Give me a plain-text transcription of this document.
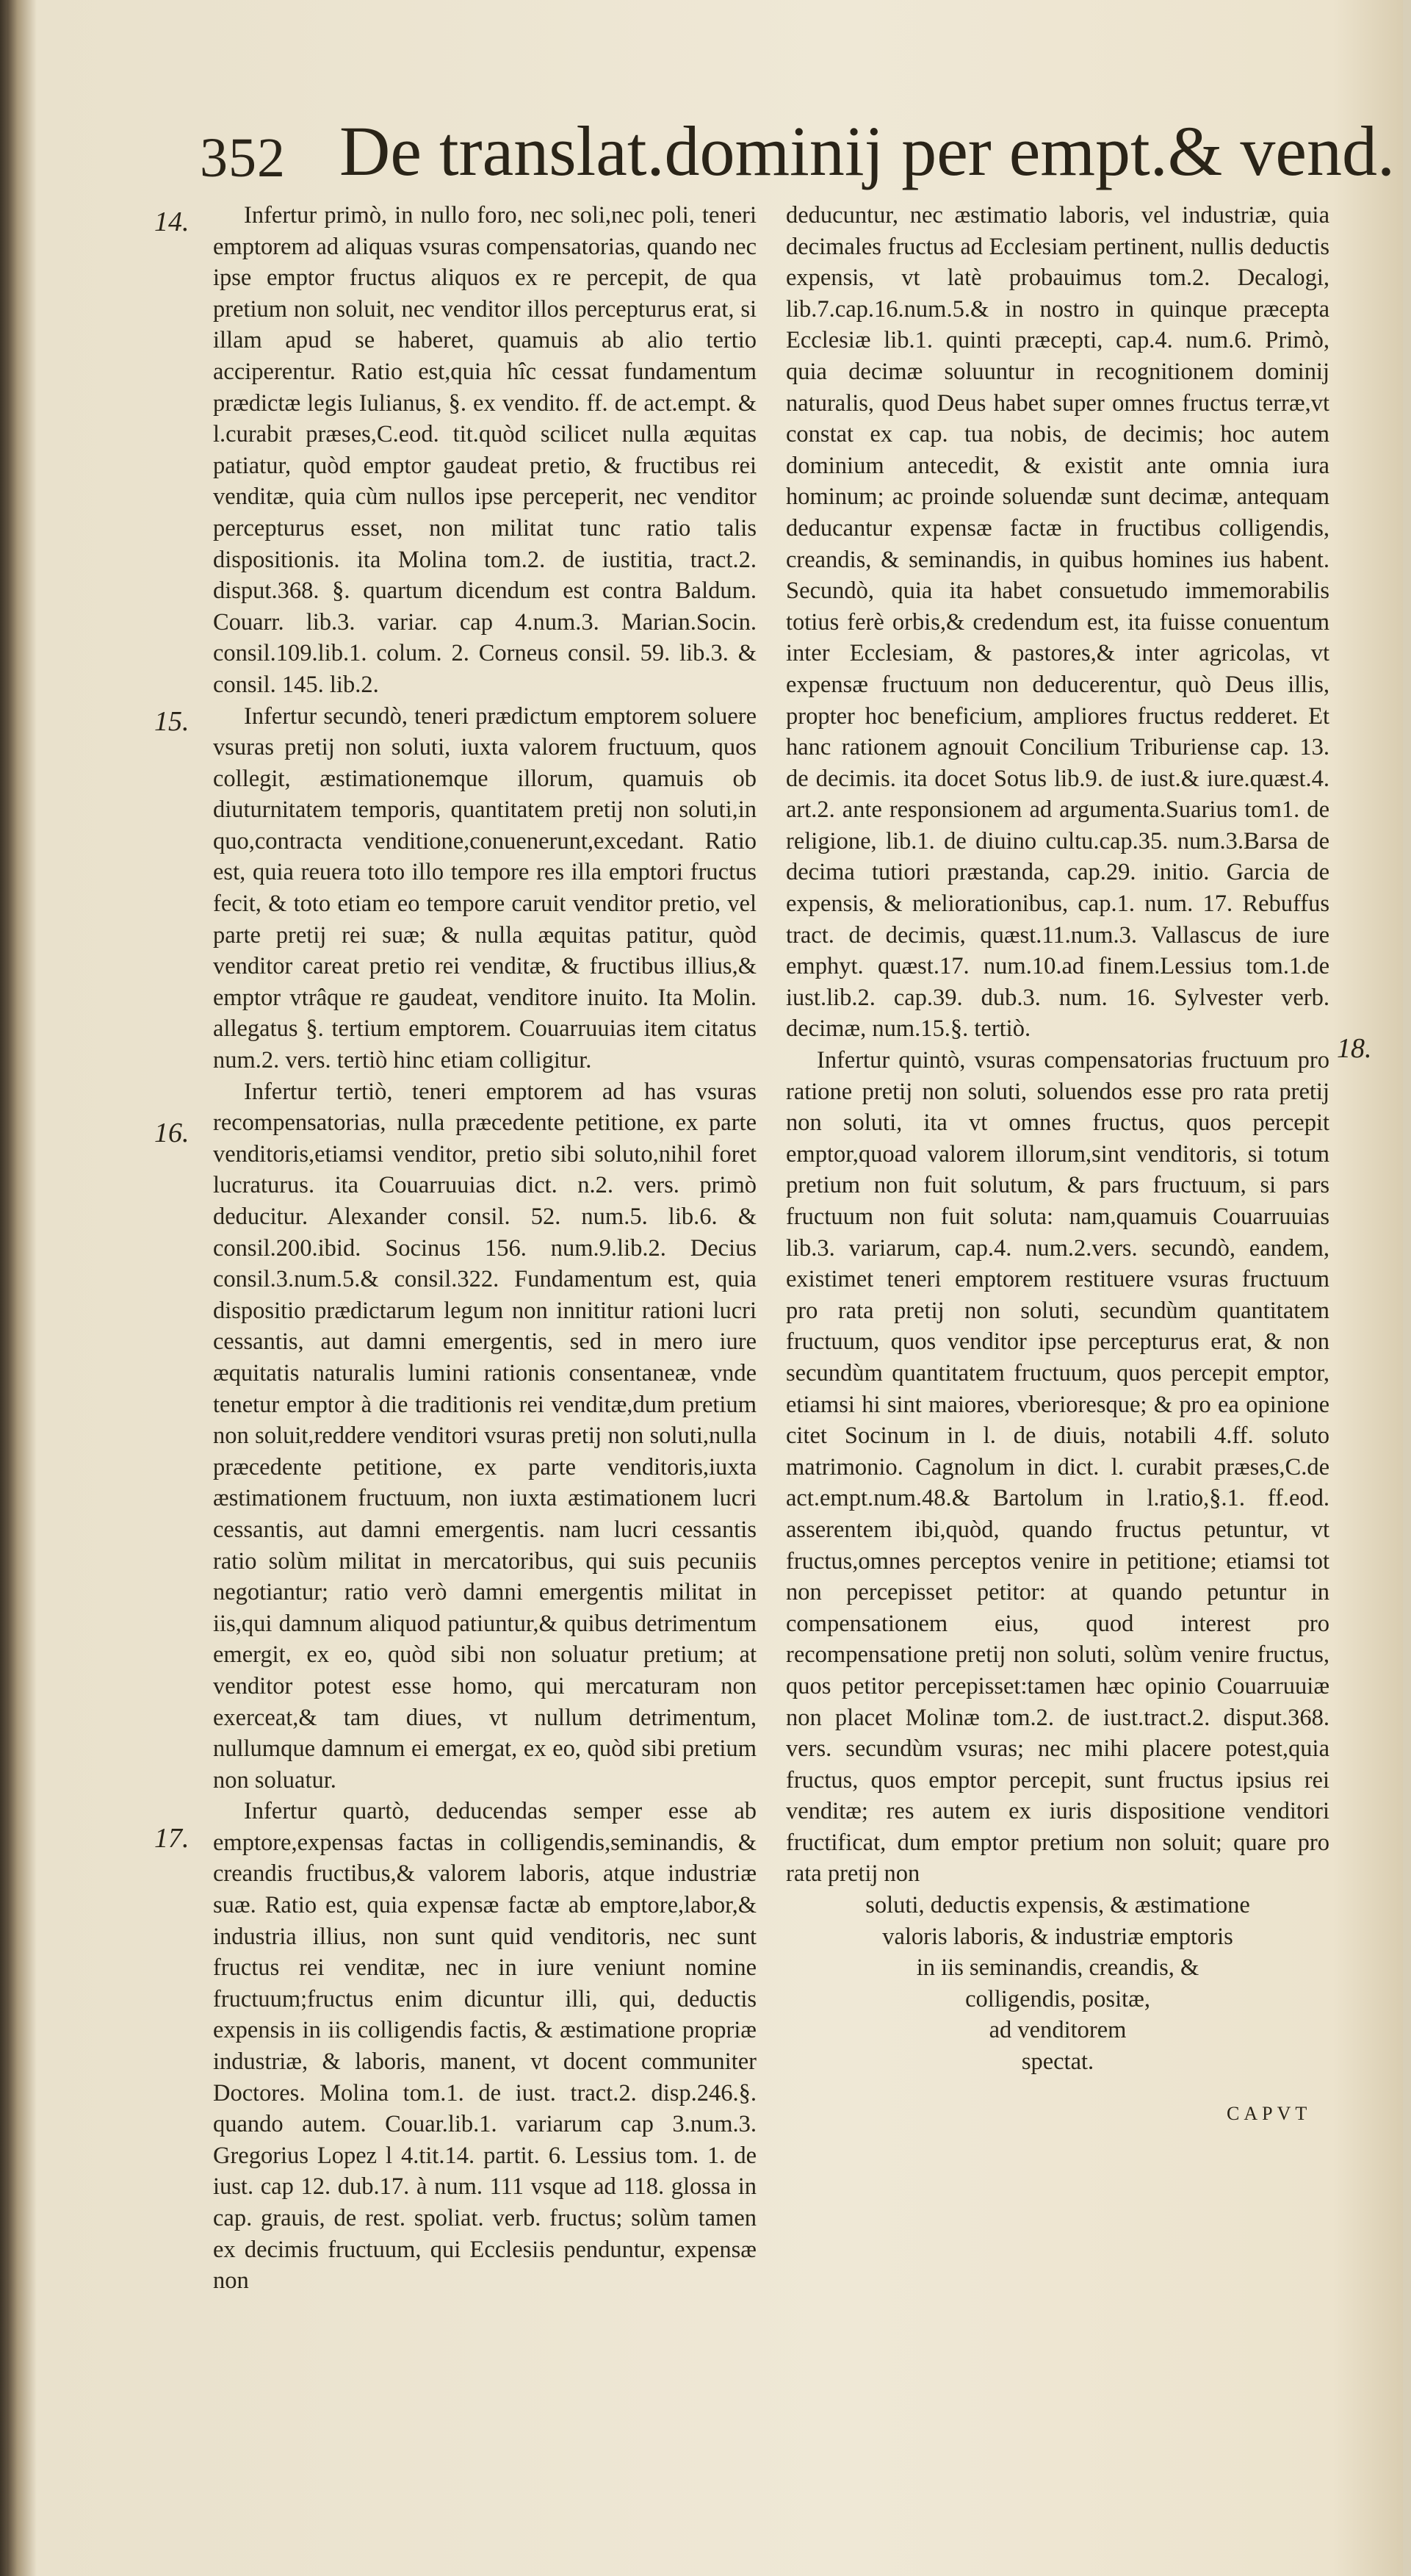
352 De translat.dominij per empt.& vend.
14.
15.
16.
17.
18.

Infertur primò, in nullo foro, nec soli,nec poli, teneri emptorem ad aliquas vsuras compensatorias, quando nec ipse emptor fructus aliquos ex re percepit, de qua pretium non soluit, nec venditor illos percepturus erat, si illam apud se haberet, quamuis ab alio tertio acciperentur. Ratio est,quia hîc cessat fundamentum prædictæ legis Iulianus, §. ex vendito. ff. de act.empt. & l.curabit præses,C.eod. tit.quòd scilicet nulla æquitas patiatur, quòd emptor gaudeat pretio, & fructibus rei venditæ, quia cùm nullos ipse perceperit, nec venditor percepturus esset, non militat tunc ratio talis dispositionis. ita Molina tom.2. de iustitia, tract.2. disput.368. §. quartum dicendum est contra Baldum. Couarr. lib.3. variar. cap 4.num.3. Marian.Socin. consil.109.lib.1. colum. 2. Corneus consil. 59. lib.3. & consil. 145. lib.2.

Infertur secundò, teneri prædictum emptorem soluere vsuras pretij non soluti, iuxta valorem fructuum, quos collegit, æstimationemque illorum, quamuis ob diuturnitatem temporis, quantitatem pretij non soluti,in quo,contracta venditione,conuenerunt,excedant. Ratio est, quia reuera toto illo tempore res illa emptori fructus fecit, & toto etiam eo tempore caruit venditor pretio, vel parte pretij rei suæ; & nulla æquitas patitur, quòd venditor careat pretio rei venditæ, & fructibus illius,& emptor vtrâque re gaudeat, venditore inuito. Ita Molin. allegatus §. tertium emptorem. Couarruuias item citatus num.2. vers. tertiò hinc etiam colligitur.

Infertur tertiò, teneri emptorem ad has vsuras recompensatorias, nulla præcedente petitione, ex parte venditoris,etiamsi venditor, pretio sibi soluto,nihil foret lucraturus. ita Couarruuias dict. n.2. vers. primò deducitur. Alexander consil. 52. num.5. lib.6. & consil.200.ibid. Socinus 156. num.9.lib.2. Decius consil.3.num.5.& consil.322. Fundamentum est, quia dispositio prædictarum legum non innititur rationi lucri cessantis, aut damni emergentis, sed in mero iure æquitatis naturalis lumini rationis consentaneæ, vnde tenetur emptor à die traditionis rei venditæ,dum pretium non soluit,reddere venditori vsuras pretij non soluti,nulla præcedente petitione, ex parte venditoris,iuxta æstimationem fructuum, non iuxta æstimationem lucri cessantis, aut damni emergentis. nam lucri cessantis ratio solùm militat in mercatoribus, qui suis pecuniis negotiantur; ratio verò damni emergentis militat in iis,qui damnum aliquod patiuntur,& quibus detrimentum emergit, ex eo, quòd sibi non soluatur pretium; at venditor potest esse homo, qui mercaturam non exerceat,& tam diues, vt nullum detrimentum, nullumque damnum ei emergat, ex eo, quòd sibi pretium non soluatur.

Infertur quartò, deducendas semper esse ab emptore,expensas factas in colligendis,seminandis, & creandis fructibus,& valorem laboris, atque industriæ suæ. Ratio est, quia expensæ factæ ab emptore,labor,& industria illius, non sunt quid venditoris, nec sunt fructus rei venditæ, nec in iure veniunt nomine fructuum;fructus enim dicuntur illi, qui, deductis expensis in iis colligendis factis, & æstimatione propriæ industriæ, & laboris, manent, vt docent communiter Doctores. Molina tom.1. de iust. tract.2. disp.246.§. quando autem. Couar.lib.1. variarum cap 3.num.3. Gregorius Lopez l 4.tit.14. partit. 6. Lessius tom. 1. de iust. cap 12. dub.17. à num. 111 vsque ad 118. glossa in cap. grauis, de rest. spoliat. verb. fructus; solùm tamen ex decimis fructuum, qui Ecclesiis penduntur, expensæ non

deducuntur, nec æstimatio laboris, vel industriæ, quia decimales fructus ad Ecclesiam pertinent, nullis deductis expensis, vt latè probauimus tom.2. Decalogi, lib.7.cap.16.num.5.& in nostro in quinque præcepta Ecclesiæ lib.1. quinti præcepti, cap.4. num.6. Primò, quia decimæ soluuntur in recognitionem dominij naturalis, quod Deus habet super omnes fructus terræ,vt constat ex cap. tua nobis, de decimis; hoc autem dominium antecedit, & existit ante omnia iura hominum; ac proinde soluendæ sunt decimæ, antequam deducantur expensæ factæ in fructibus colligendis, creandis, & seminandis, in quibus homines ius habent. Secundò, quia ita habet consuetudo immemorabilis totius ferè orbis,& credendum est, ita fuisse conuentum inter Ecclesiam, & pastores,& inter agricolas, vt expensæ fructuum non deducerentur, quò Deus illis, propter hoc beneficium, ampliores fructus redderet. Et hanc rationem agnouit Concilium Triburiense cap. 13. de decimis. ita docet Sotus lib.9. de iust.& iure.quæst.4. art.2. ante responsionem ad argumenta.Suarius tom1. de religione, lib.1. de diuino cultu.cap.35. num.3.Barsa de decima tutiori præstanda, cap.29. initio. Garcia de expensis, & meliorationibus, cap.1. num. 17. Rebuffus tract. de decimis, quæst.11.num.3. Vallascus de iure emphyt. quæst.17. num.10.ad finem.Lessius tom.1.de iust.lib.2. cap.39. dub.3. num. 16. Sylvester verb. decimæ, num.15.§. tertiò.

Infertur quintò, vsuras compensatorias fructuum pro ratione pretij non soluti, soluendos esse pro rata pretij non soluti, ita vt omnes fructus, quos percepit emptor,quoad valorem illorum,sint venditoris, si totum pretium non fuit solutum, & pars fructuum, si pars fructuum non fuit soluta: nam,quamuis Couarruuias lib.3. variarum, cap.4. num.2.vers. secundò, eandem, existimet teneri emptorem restituere vsuras fructuum pro rata pretij non soluti, secundùm quantitatem fructuum, quos venditor ipse percepturus erat, & non secundùm quantitatem fructuum, quos percepit emptor, etiamsi hi sint maiores, vberioresque; & pro ea opinione citet Socinum in l. de diuis, notabili 4.ff. soluto matrimonio. Cagnolum in dict. l. curabit præses,C.de act.empt.num.48.& Bartolum in l.ratio,§.1. ff.eod. asserentem ibi,quòd, quando fructus petuntur, vt fructus,omnes perceptos venire in petitione; etiamsi tot non percepisset petitor: at quando petuntur in compensationem eius, quod interest pro recompensatione pretij non soluti, solùm venire fructus, quos petitor percepisset:tamen hæc opinio Couarruuiæ non placet Molinæ tom.2. de iust.tract.2. disput.368. vers. secundùm vsuras; nec mihi placere potest,quia fructus, quos emptor percepit, sunt fructus ipsius rei venditæ; res autem ex iuris dispositione venditori fructificat, dum emptor pretium non soluit; quare pro rata pretij non

soluti, deductis expensis, & æstimatione
valoris laboris, & industriæ emptoris
in iis seminandis, creandis, &
colligendis, positæ,
ad venditorem
spectat.
CAPVT
